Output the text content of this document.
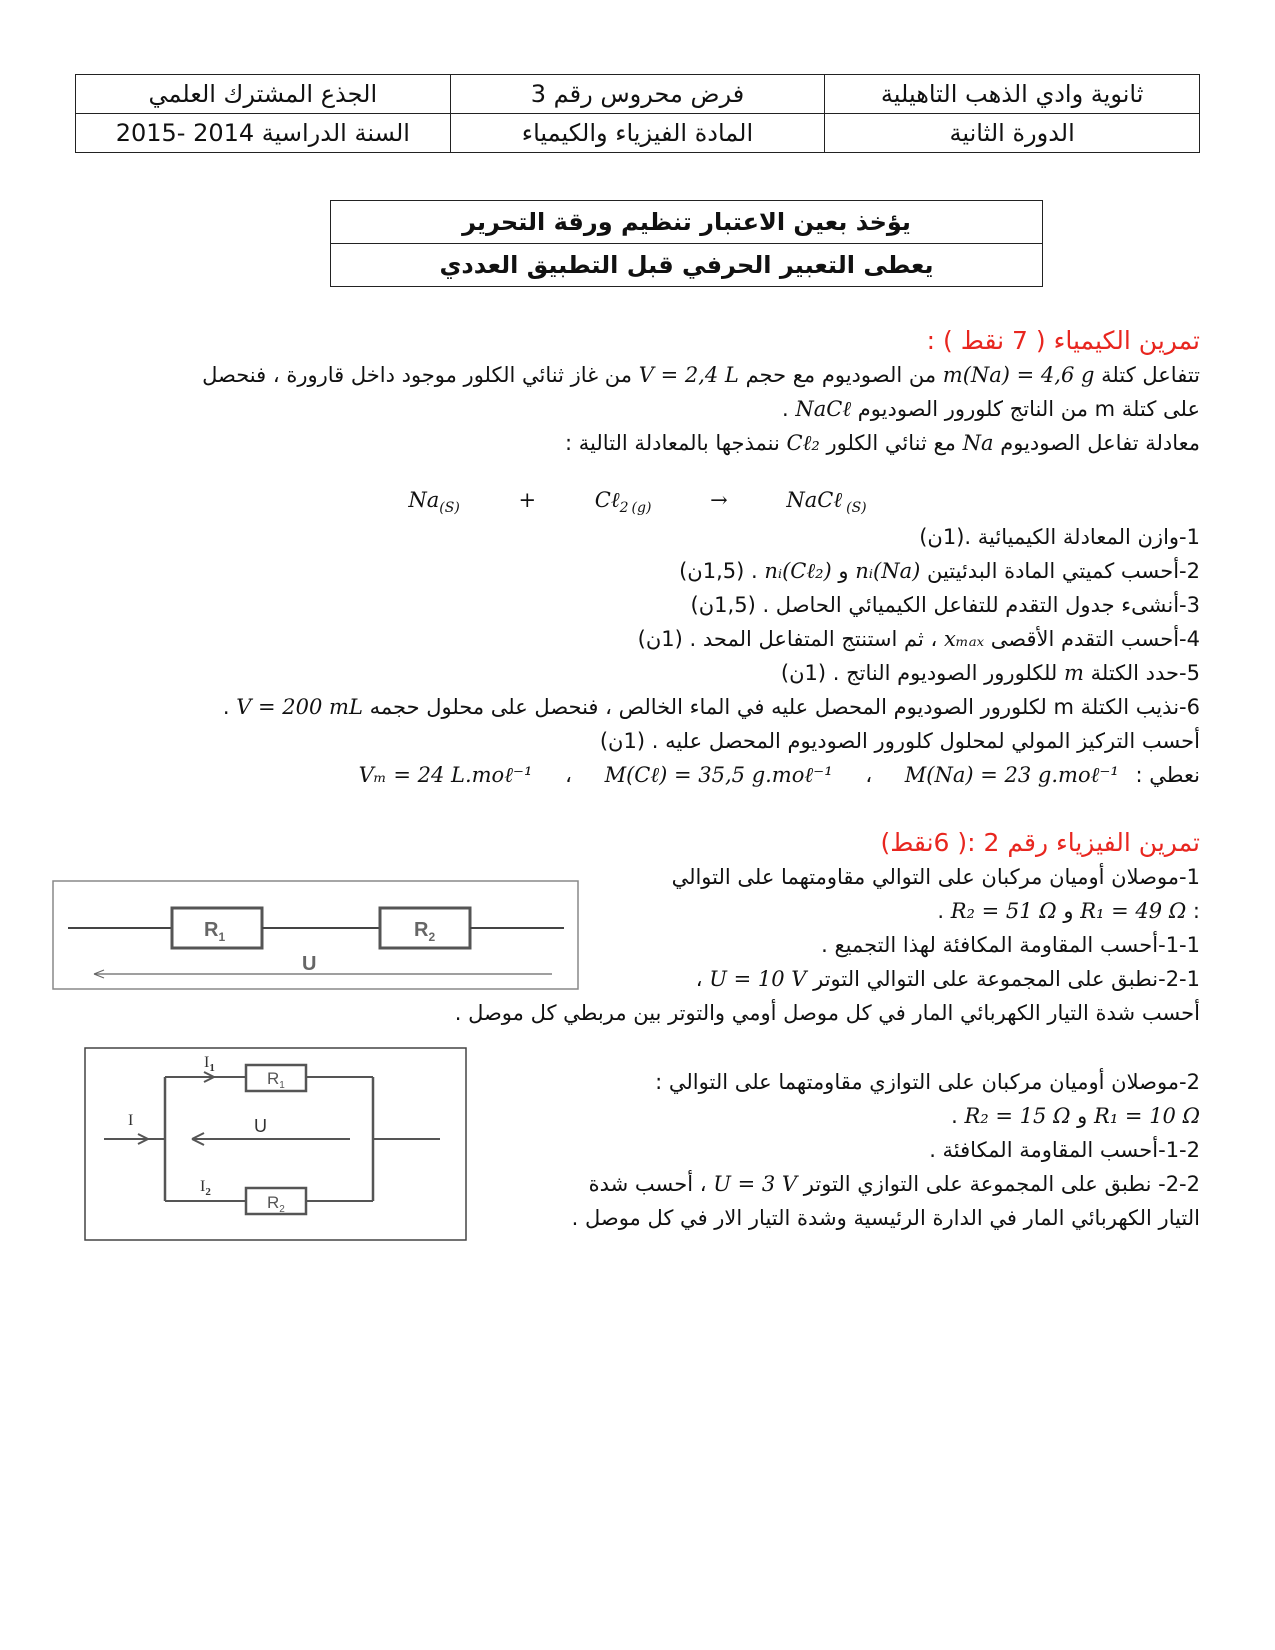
الجذع المشترك العلمي	فرض محروس رقم 3	ثانوية وادي الذهب التاهيلية
السنة الدراسية 2014 -2015	المادة الفيزياء والكيمياء	الدورة الثانية
يؤخذ بعين الاعتبار تنظيم ورقة التحرير
يعطى التعبير الحرفي قبل التطبيق العددي
تمرين الكيمياء ( 7 نقط ) :
تتفاعل كتلة m(Na) = 4,6 g من الصوديوم مع حجم V = 2,4 L من غاز ثنائي الكلور موجود داخل قارورة ، فنحصل
على كتلة m من الناتج كلورور الصوديوم NaCℓ .
معادلة تفاعل الصوديوم Na مع ثنائي الكلور Cℓ₂ ننمذجها بالمعادلة التالية :
$Na_{(S)}$	+	Cℓ$_2$ $_{(g)}$	→	NaCℓ $_{(S)}$
1-وازن المعادلة الكيميائية .(1ن)
2-أحسب كميتي المادة البدئيتين nᵢ(Na) و nᵢ(Cℓ₂) . (1,5ن)
3-أنشىء جدول التقدم للتفاعل الكيميائي الحاصل . (1,5ن)
4-أحسب التقدم الأقصى xₘₐₓ ، ثم استنتج المتفاعل المحد . (1ن)
5-حدد الكتلة m للكلورور الصوديوم الناتج . (1ن)
6-نذيب الكتلة m لكلورور الصوديوم المحصل عليه في الماء الخالص ، فنحصل على محلول حجمه V = 200 mL .
أحسب التركيز المولي لمحلول كلورور الصوديوم المحصل عليه . (1ن)
نعطي : M(Na) = 23 g.moℓ⁻¹ ، M(Cℓ) = 35,5 g.moℓ⁻¹ ، Vₘ = 24 L.moℓ⁻¹
تمرين الفيزياء رقم 2 :( 6نقط)
1-موصلان أوميان مركبان على التوالي مقاومتهما على التوالي
: R₁ = 49 Ω و R₂ = 51 Ω .
1-1-أحسب المقاومة المكافئة لهذا التجميع .
2-1-نطبق على المجموعة على التوالي التوتر U = 10 V ،
أحسب شدة التيار الكهربائي المار في كل موصل أومي والتوتر بين مربطي كل موصل .
2-موصلان أوميان مركبان على التوازي مقاومتهما على التوالي :
R₁ = 10 Ω و R₂ = 15 Ω .
1-2-أحسب المقاومة المكافئة .
2-2- نطبق على المجموعة على التوازي التوتر U = 3 V ، أحسب شدة
التيار الكهربائي المار في الدارة الرئيسية وشدة التيار الار في كل موصل .
$R_1$	$R_2$
U
I
$I_1$
$I_2$
$R_1$
$R_2$
U
